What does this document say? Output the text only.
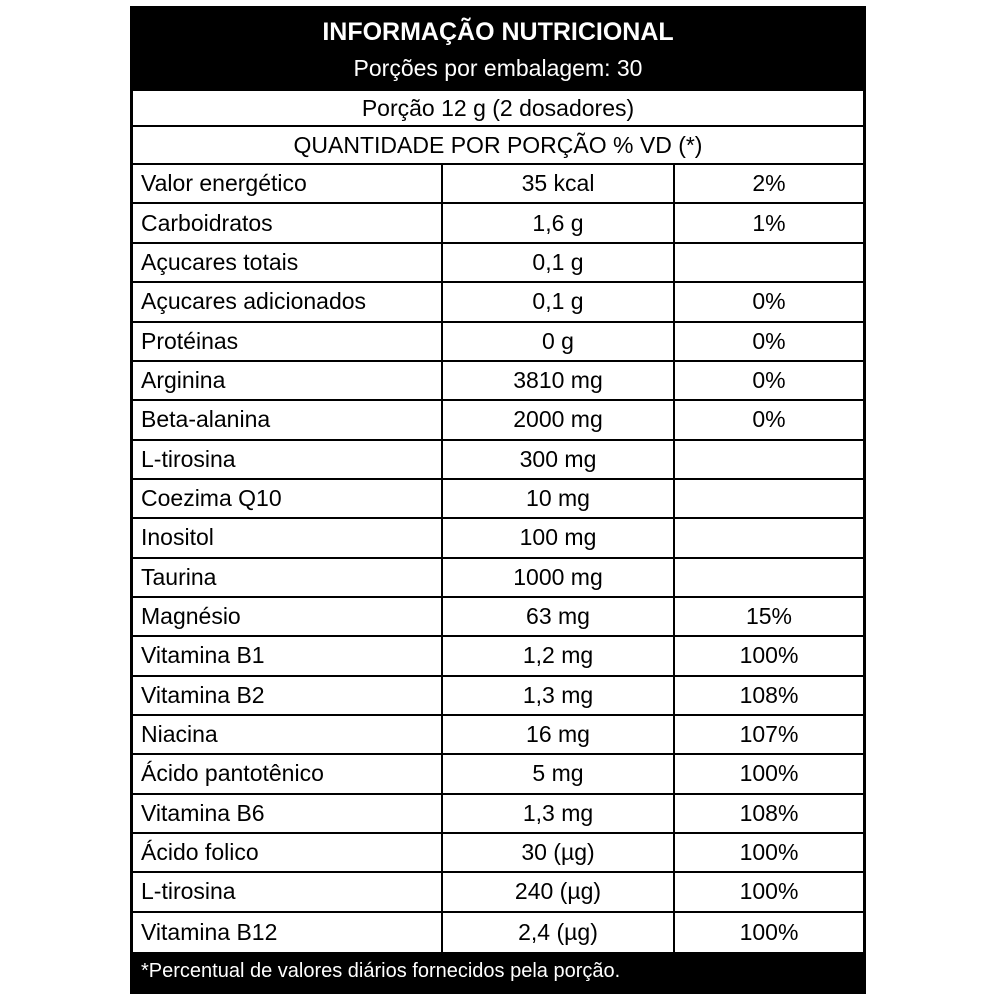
INFORMAÇÃO NUTRICIONAL
Porções por embalagem: 30
Porção 12 g (2 dosadores)
QUANTIDADE POR PORÇÃO % VD (*)
Valor energético	35 kcal	2%
Carboidratos	1,6 g	1%
Açucares totais	0,1 g
Açucares adicionados	0,1 g	0%
Protéinas	0 g	0%
Arginina	3810 mg	0%
Beta-alanina	2000 mg	0%
L-tirosina	300 mg
Coezima Q10	10 mg
Inositol	100 mg
Taurina	1000 mg
Magnésio	63 mg	15%
Vitamina B1	1,2 mg	100%
Vitamina B2	1,3 mg	108%
Niacina	16 mg	107%
Ácido pantotênico	5 mg	100%
Vitamina B6	1,3 mg	108%
Ácido folico	30 (µg)	100%
L-tirosina	240 (µg)	100%
Vitamina B12	2,4 (µg)	100%
*Percentual de valores diários fornecidos pela porção.
